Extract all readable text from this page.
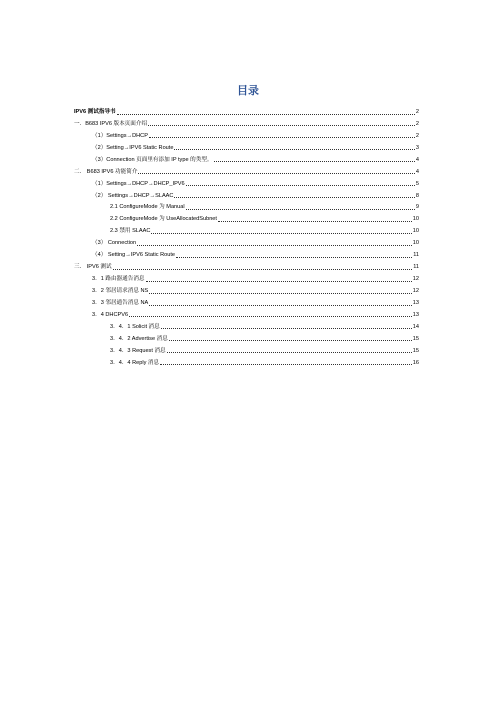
目录
IPV6 测试指导书	2
一．B683 IPV6 版本页面介绍	2
（1）Settings→DHCP	2
（2）Setting→IPV6 Static Route	3
（3）Connection 页面里有添加 IP type 的类型。	4
二． B683 IPV6 功能简介	4
（1）Settings→DHCP→DHCP_IPV6	5
（2） Settings→DHCP→SLAAC	8
2.1 ConfigureMode 为 Manual	9
2.2 ConfigureMode 为 UseAllocatedSubnet	10
2.3 禁用 SLAAC	10
（3） Connection	10
（4） Setting→IPV6 Static Route	11
三． IPV6 测试	11
3．1 路由器通告消息	12
3．2 邻居请求消息 NS	12
3．3 邻居通告消息 NA	13
3．4 DHCPV6	13
3．4．1 Solicit 消息	14
3．4．2 Advertise 消息	15
3．4．3 Request 消息	15
3．4．4 Reply 消息	16
